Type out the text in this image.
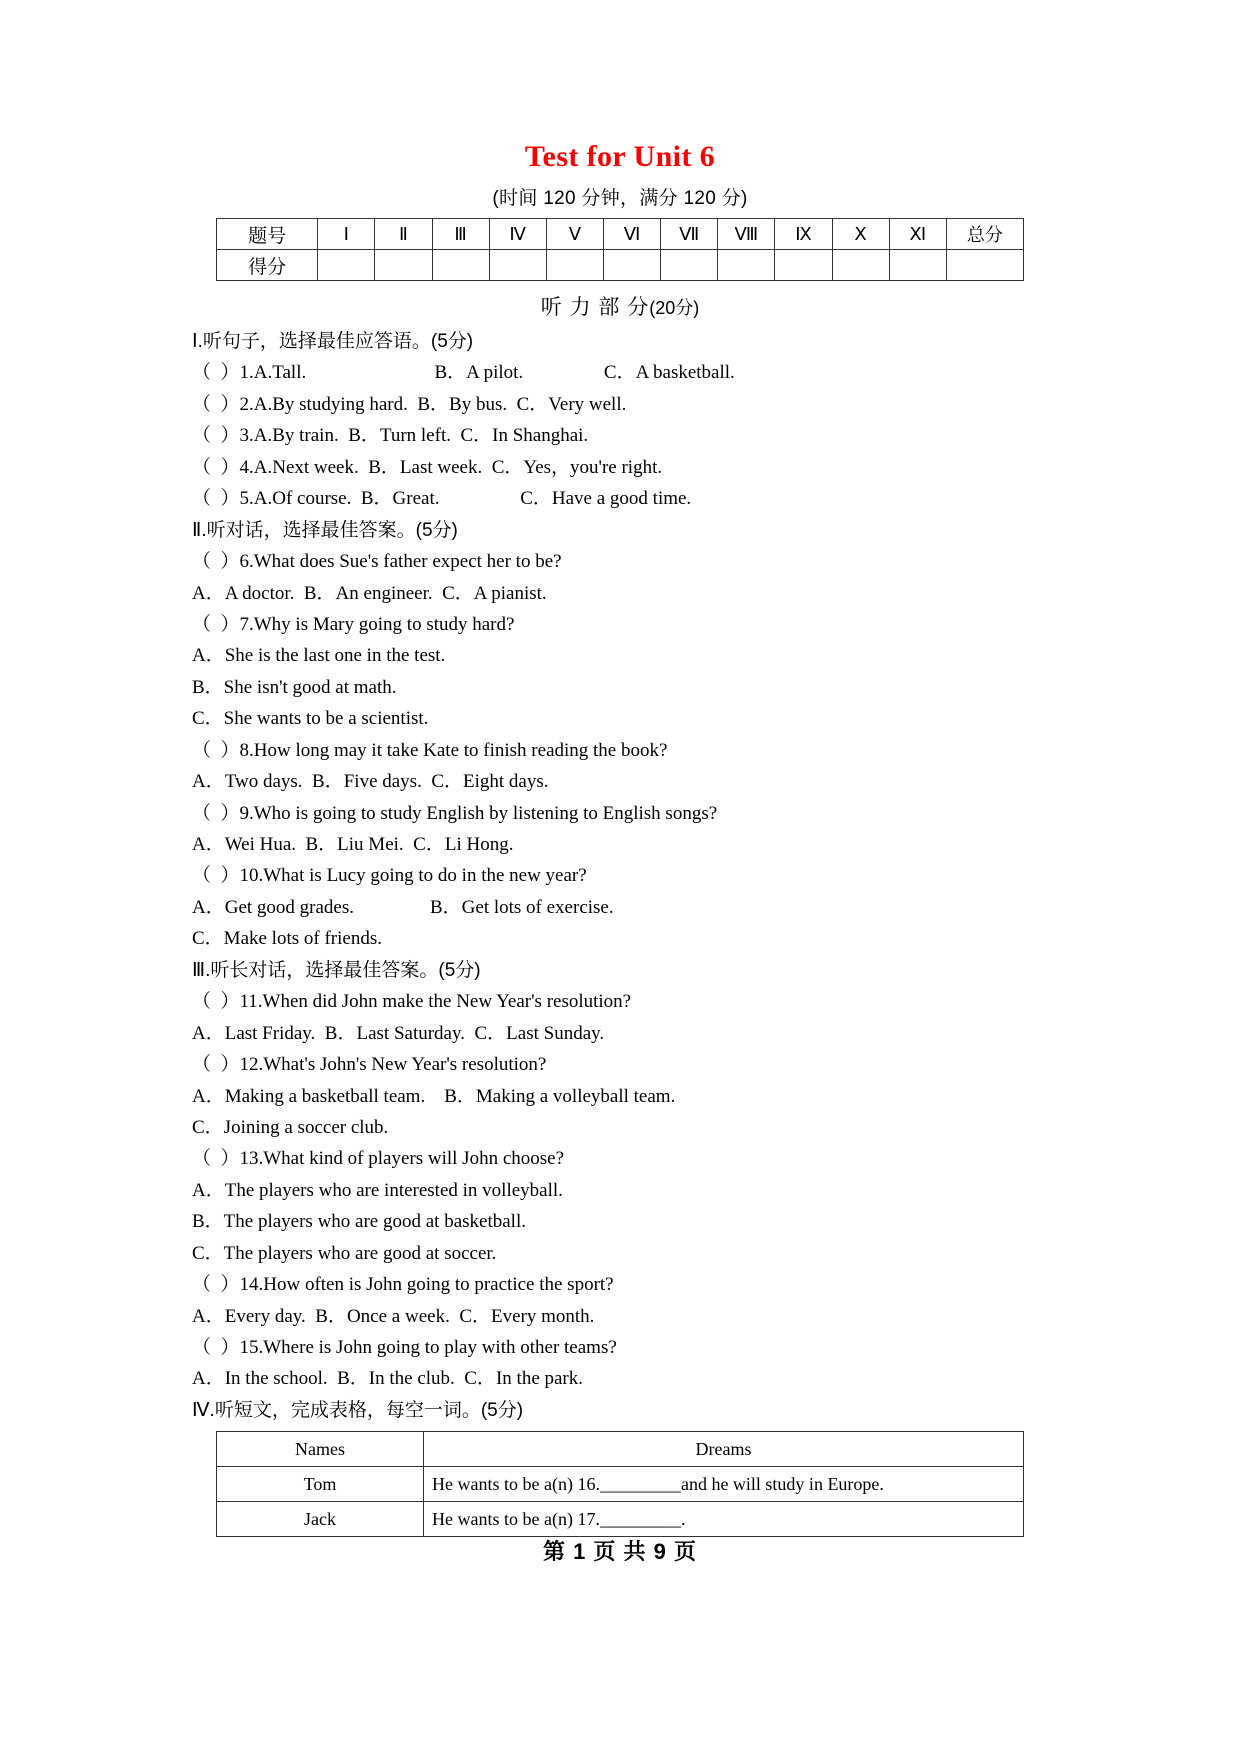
Test for Unit 6
(时间 120 分钟，满分 120 分)
题号	Ⅰ	Ⅱ	Ⅲ	Ⅳ	Ⅴ	Ⅵ	Ⅶ	Ⅷ	Ⅸ	Ⅹ	Ⅺ	总分
得分												
听 力 部 分(20分)
Ⅰ.听句子，选择最佳应答语。(5分)
（  ）1.A.Tall.                           B．A pilot.                 C．A basketball.
（  ）2.A.By studying hard.  B．By bus.  C．Very well.
（  ）3.A.By train.  B．Turn left.  C．In Shanghai.
（  ）4.A.Next week.  B．Last week.  C．Yes，you're right.
（  ）5.A.Of course.  B．Great.                 C．Have a good time.
Ⅱ.听对话，选择最佳答案。(5分)
（  ）6.What does Sue's father expect her to be?
A．A doctor.  B．An engineer.  C．A pianist.
（  ）7.Why is Mary going to study hard?
A．She is the last one in the test.
B．She isn't good at math.
C．She wants to be a scientist.
（  ）8.How long may it take Kate to finish reading the book?
A．Two days.  B．Five days.  C．Eight days.
（  ）9.Who is going to study English by listening to English songs?
A．Wei Hua.  B．Liu Mei.  C．Li Hong.
（  ）10.What is Lucy going to do in the new year?
A．Get good grades.                B．Get lots of exercise.
C．Make lots of friends.
Ⅲ.听长对话，选择最佳答案。(5分)
（  ）11.When did John make the New Year's resolution?
A．Last Friday.  B．Last Saturday.  C．Last Sunday.
（  ）12.What's John's New Year's resolution?
A．Making a basketball team.    B．Making a volleyball team.
C．Joining a soccer club.
（  ）13.What kind of players will John choose?
A．The players who are interested in volleyball.
B．The players who are good at basketball.
C．The players who are good at soccer.
（  ）14.How often is John going to practice the sport?
A．Every day.  B．Once a week.  C．Every month.
（  ）15.Where is John going to play with other teams?
A．In the school.  B．In the club.  C．In the park.
Ⅳ.听短文，完成表格，每空一词。(5分)
Names	Dreams
Tom	He wants to be a(n) 16._________and he will study in Europe.
Jack	He wants to be a(n) 17._________.
第 1 页 共 9 页
